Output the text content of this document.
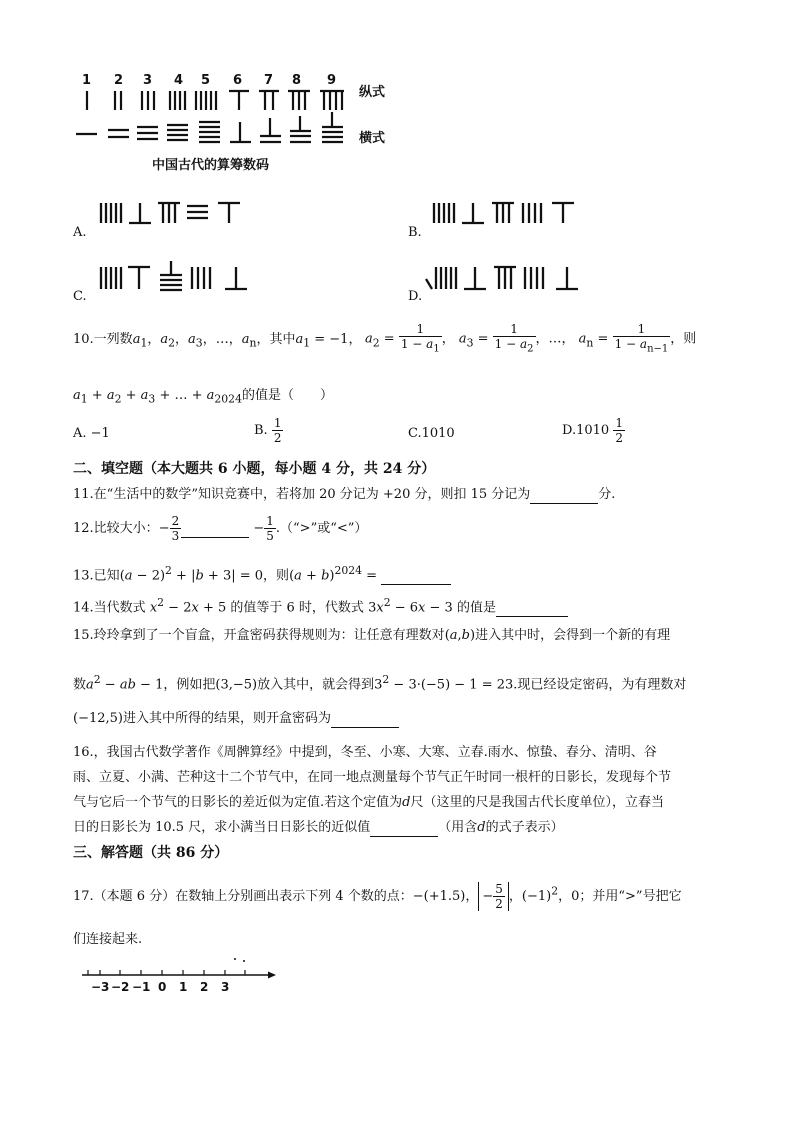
1 2 3 4 5 6 7 8 9
纵式
横式
中国古代的算筹数码
A.	B.
C.	D.
10.一列数$a_1$，$a_2$，$a_3$，…，$a_n$，其中$a_1 = -1$， $a_2 = \frac{1}{1 - a_1}$ ， $a_3 = \frac{1}{1 - a_2}$ ，…， $a_n = \frac{1}{1 - a_{n-1}}$ ，则
$a_1 + a_2 + a_3$ + … + $a_{2024}$的值是（　　）
A. −1	B. $\frac{1}{2}$	C.1010	$D.1010 \frac{1}{2}$
二、填空题（本大题共 6 小题，每小题 4 分，共 24 分）
11.在“生活中的数学”知识竞赛中，若将加 20 分记为 +20 分，则扣 15 分记为	分.
12.比较大小：− $\frac{2}{3}$	− $\frac{1}{5}$ .（“>”或“<”）
13.已知$(a - 2)^2 + |b + 3| = 0$，则$(a + b)^{2024}$ =
14.当代数式 $x^2 - 2x + 5$ 的值等于 6 时，代数式 $3x^2 - 6x - 3$ 的值是
15.玲玲拿到了一个盲盒，开盒密码获得规则为：让任意有理数对(a,b)进入其中时，会得到一个新的有理
数$a^2$ − ab − 1，例如把(3,−5)放入其中，就会得到$3^2 - 3\cdot(-5) - 1 = 23$.现已经设定密码，为有理数对
(−12,5)进入其中所得的结果，则开盒密码为
16.，我国古代数学著作《周髀算经》中提到，冬至、小寒、大寒、立春.雨水、惊蛰、春分、清明、谷
雨、立夏、小满、芒种这十二个节气中，在同一地点测量每个节气正午时同一根杆的日影长，发现每个节
气与它后一个节气的日影长的差近似为定值.若这个定值为d尺（这里的尺是我国古代长度单位），立春当
日的日影长为 10.5 尺，求小满当日日影长的近似值	（用含d的式子表示）
三、解答题（共 86 分）
17.（本题 6 分）在数轴上分别画出表示下列 4 个数的点：−(+1.5)， − $\frac{5}{2}$ ，$(-1)^2$，0；并用“>”号把它
们连接起来.
−3 −2 −1 0 1 2 3
